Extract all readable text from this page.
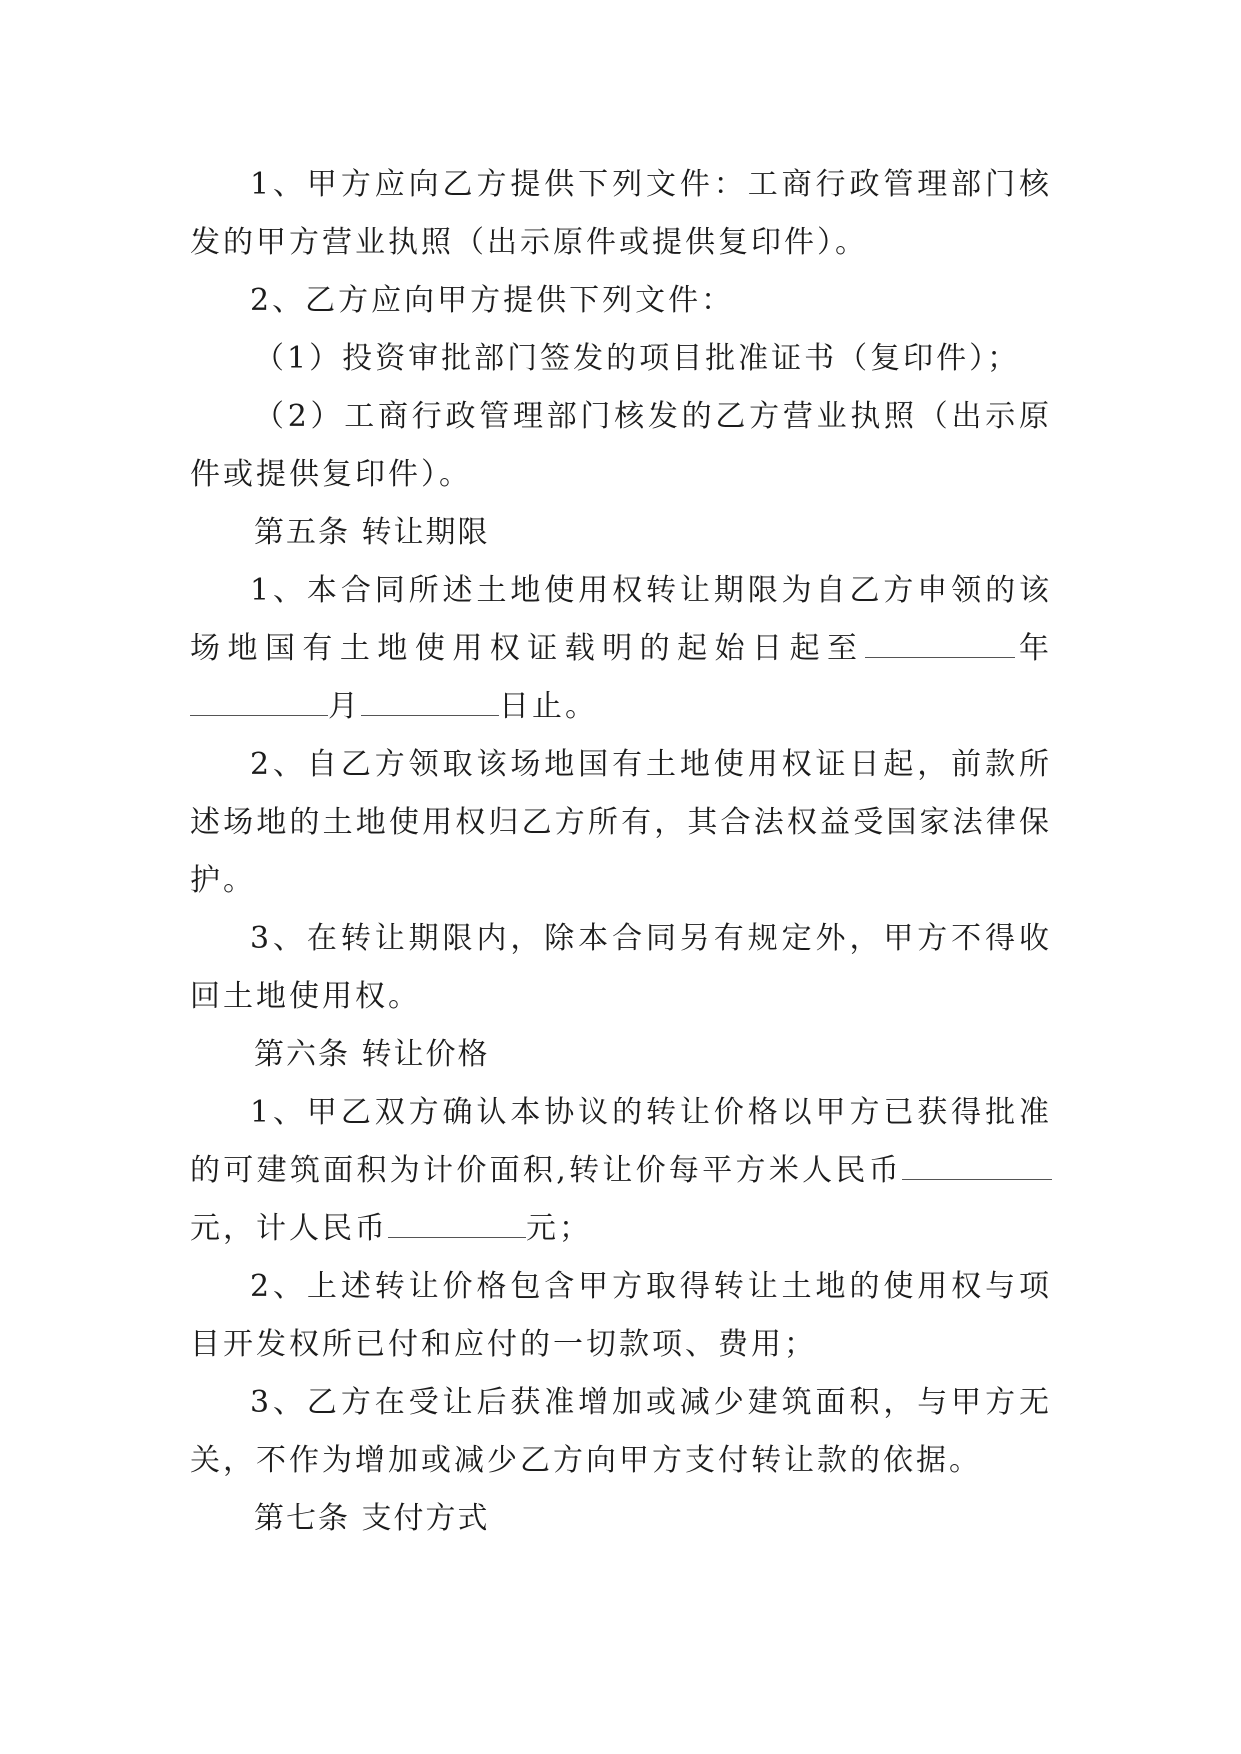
1、甲方应向乙方提供下列文件：工商行政管理部门核发的甲方营业执照（出示原件或提供复印件）。

2、乙方应向甲方提供下列文件：

（1）投资审批部门签发的项目批准证书（复印件）；

（2）工商行政管理部门核发的乙方营业执照（出示原件或提供复印件）。

第五条 转让期限

1、本合同所述土地使用权转让期限为自乙方申领的该场地国有土地使用权证载明的起始日起至	年月	日止。

2、自乙方领取该场地国有土地使用权证日起，前款所述场地的土地使用权归乙方所有，其合法权益受国家法律保护。

3、在转让期限内，除本合同另有规定外，甲方不得收回土地使用权。

第六条 转让价格

1、甲乙双方确认本协议的转让价格以甲方已获得批准的可建筑面积为计价面积,转让价每平方米人民币元，计人民币	元；

2、上述转让价格包含甲方取得转让土地的使用权与项目开发权所已付和应付的一切款项、费用；

3、乙方在受让后获准增加或减少建筑面积，与甲方无关，不作为增加或减少乙方向甲方支付转让款的依据。

第七条 支付方式
